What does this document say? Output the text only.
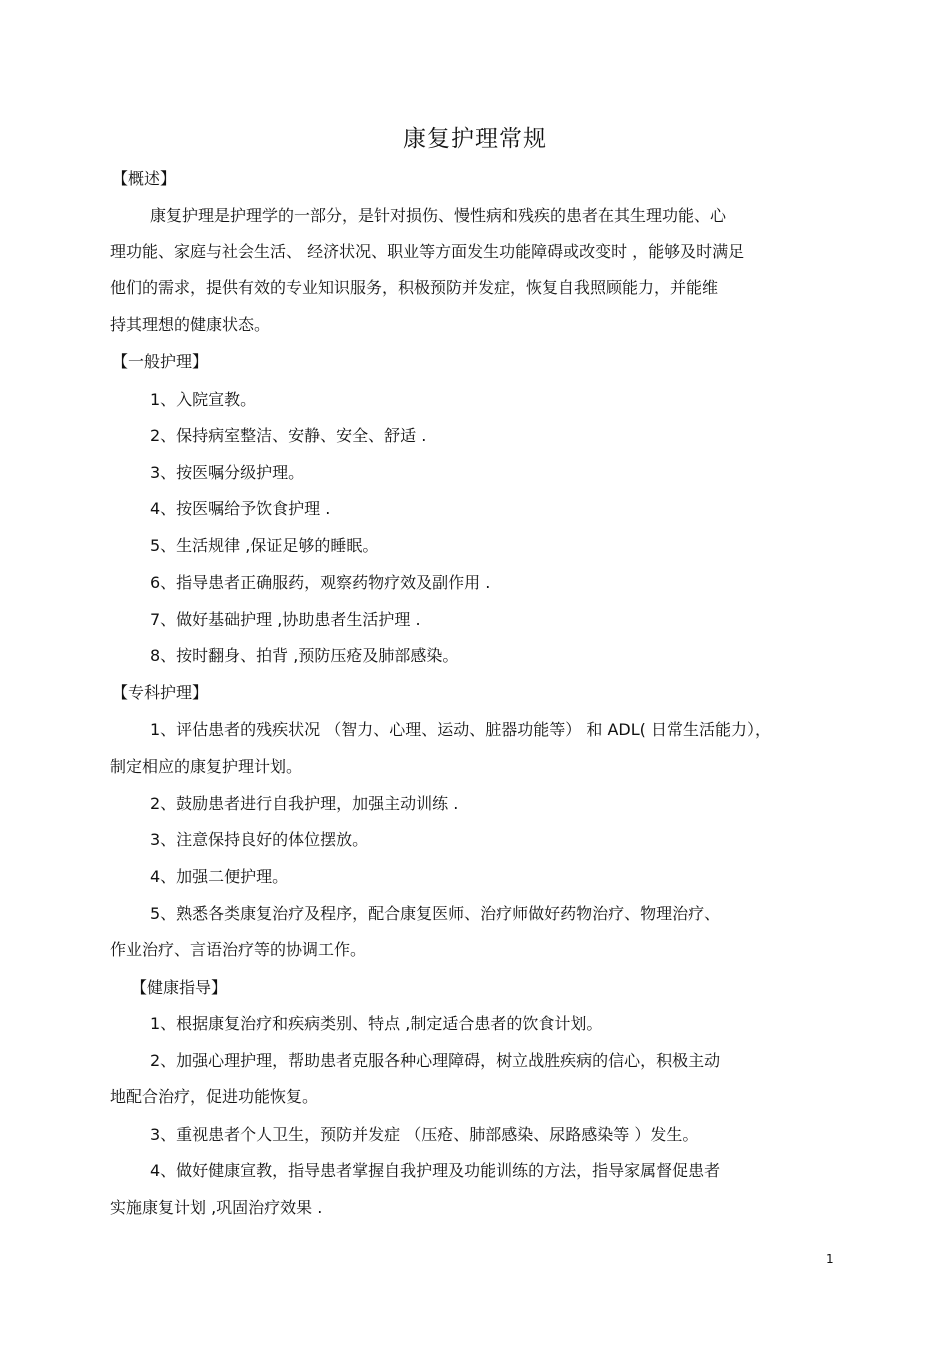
康复护理常规
【概述】
康复护理是护理学的一部分，是针对损伤、慢性病和残疾的患者在其生理功能、心
理功能、家庭与社会生活、 经济状况、职业等方面发生功能障碍或改变时 ，能够及时满足
他们的需求，提供有效的专业知识服务，积极预防并发症，恢复自我照顾能力，并能维
持其理想的健康状态。
【一般护理】
1、入院宣教。
2、保持病室整洁、安静、安全、舒适 .
3、按医嘱分级护理。
4、按医嘱给予饮食护理 .
5、生活规律 ,保证足够的睡眠。
6、指导患者正确服药，观察药物疗效及副作用 .
7、做好基础护理 ,协助患者生活护理 .
8、按时翻身、拍背 ,预防压疮及肺部感染。
【专科护理】
1、评估患者的残疾状况 （智力、心理、运动、脏器功能等） 和 ADL( 日常生活能力），
制定相应的康复护理计划。
2、鼓励患者进行自我护理，加强主动训练 .
3、注意保持良好的体位摆放。
4、加强二便护理。
5、熟悉各类康复治疗及程序，配合康复医师、治疗师做好药物治疗、物理治疗、
作业治疗、言语治疗等的协调工作。
【健康指导】
1、根据康复治疗和疾病类别、特点 ,制定适合患者的饮食计划。
2、加强心理护理，帮助患者克服各种心理障碍，树立战胜疾病的信心，积极主动
地配合治疗，促进功能恢复。
3、重视患者个人卫生，预防并发症 （压疮、肺部感染、尿路感染等 ）发生。
4、做好健康宣教，指导患者掌握自我护理及功能训练的方法，指导家属督促患者
实施康复计划 ,巩固治疗效果 .
1
